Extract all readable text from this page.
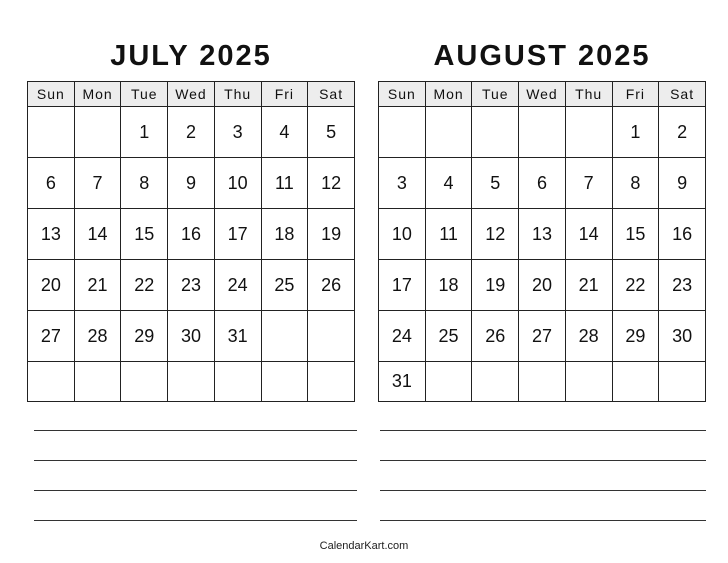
JULY 2025	AUGUST 2025
Sun	Mon	Tue	Wed	Thu	Fri	Sat
		1	2	3	4	5
6	7	8	9	10	11	12
13	14	15	16	17	18	19
20	21	22	23	24	25	26
27	28	29	30	31		

Sun	Mon	Tue	Wed	Thu	Fri	Sat
					1	2
3	4	5	6	7	8	9
10	11	12	13	14	15	16
17	18	19	20	21	22	23
24	25	26	27	28	29	30
31						
CalendarKart.com
